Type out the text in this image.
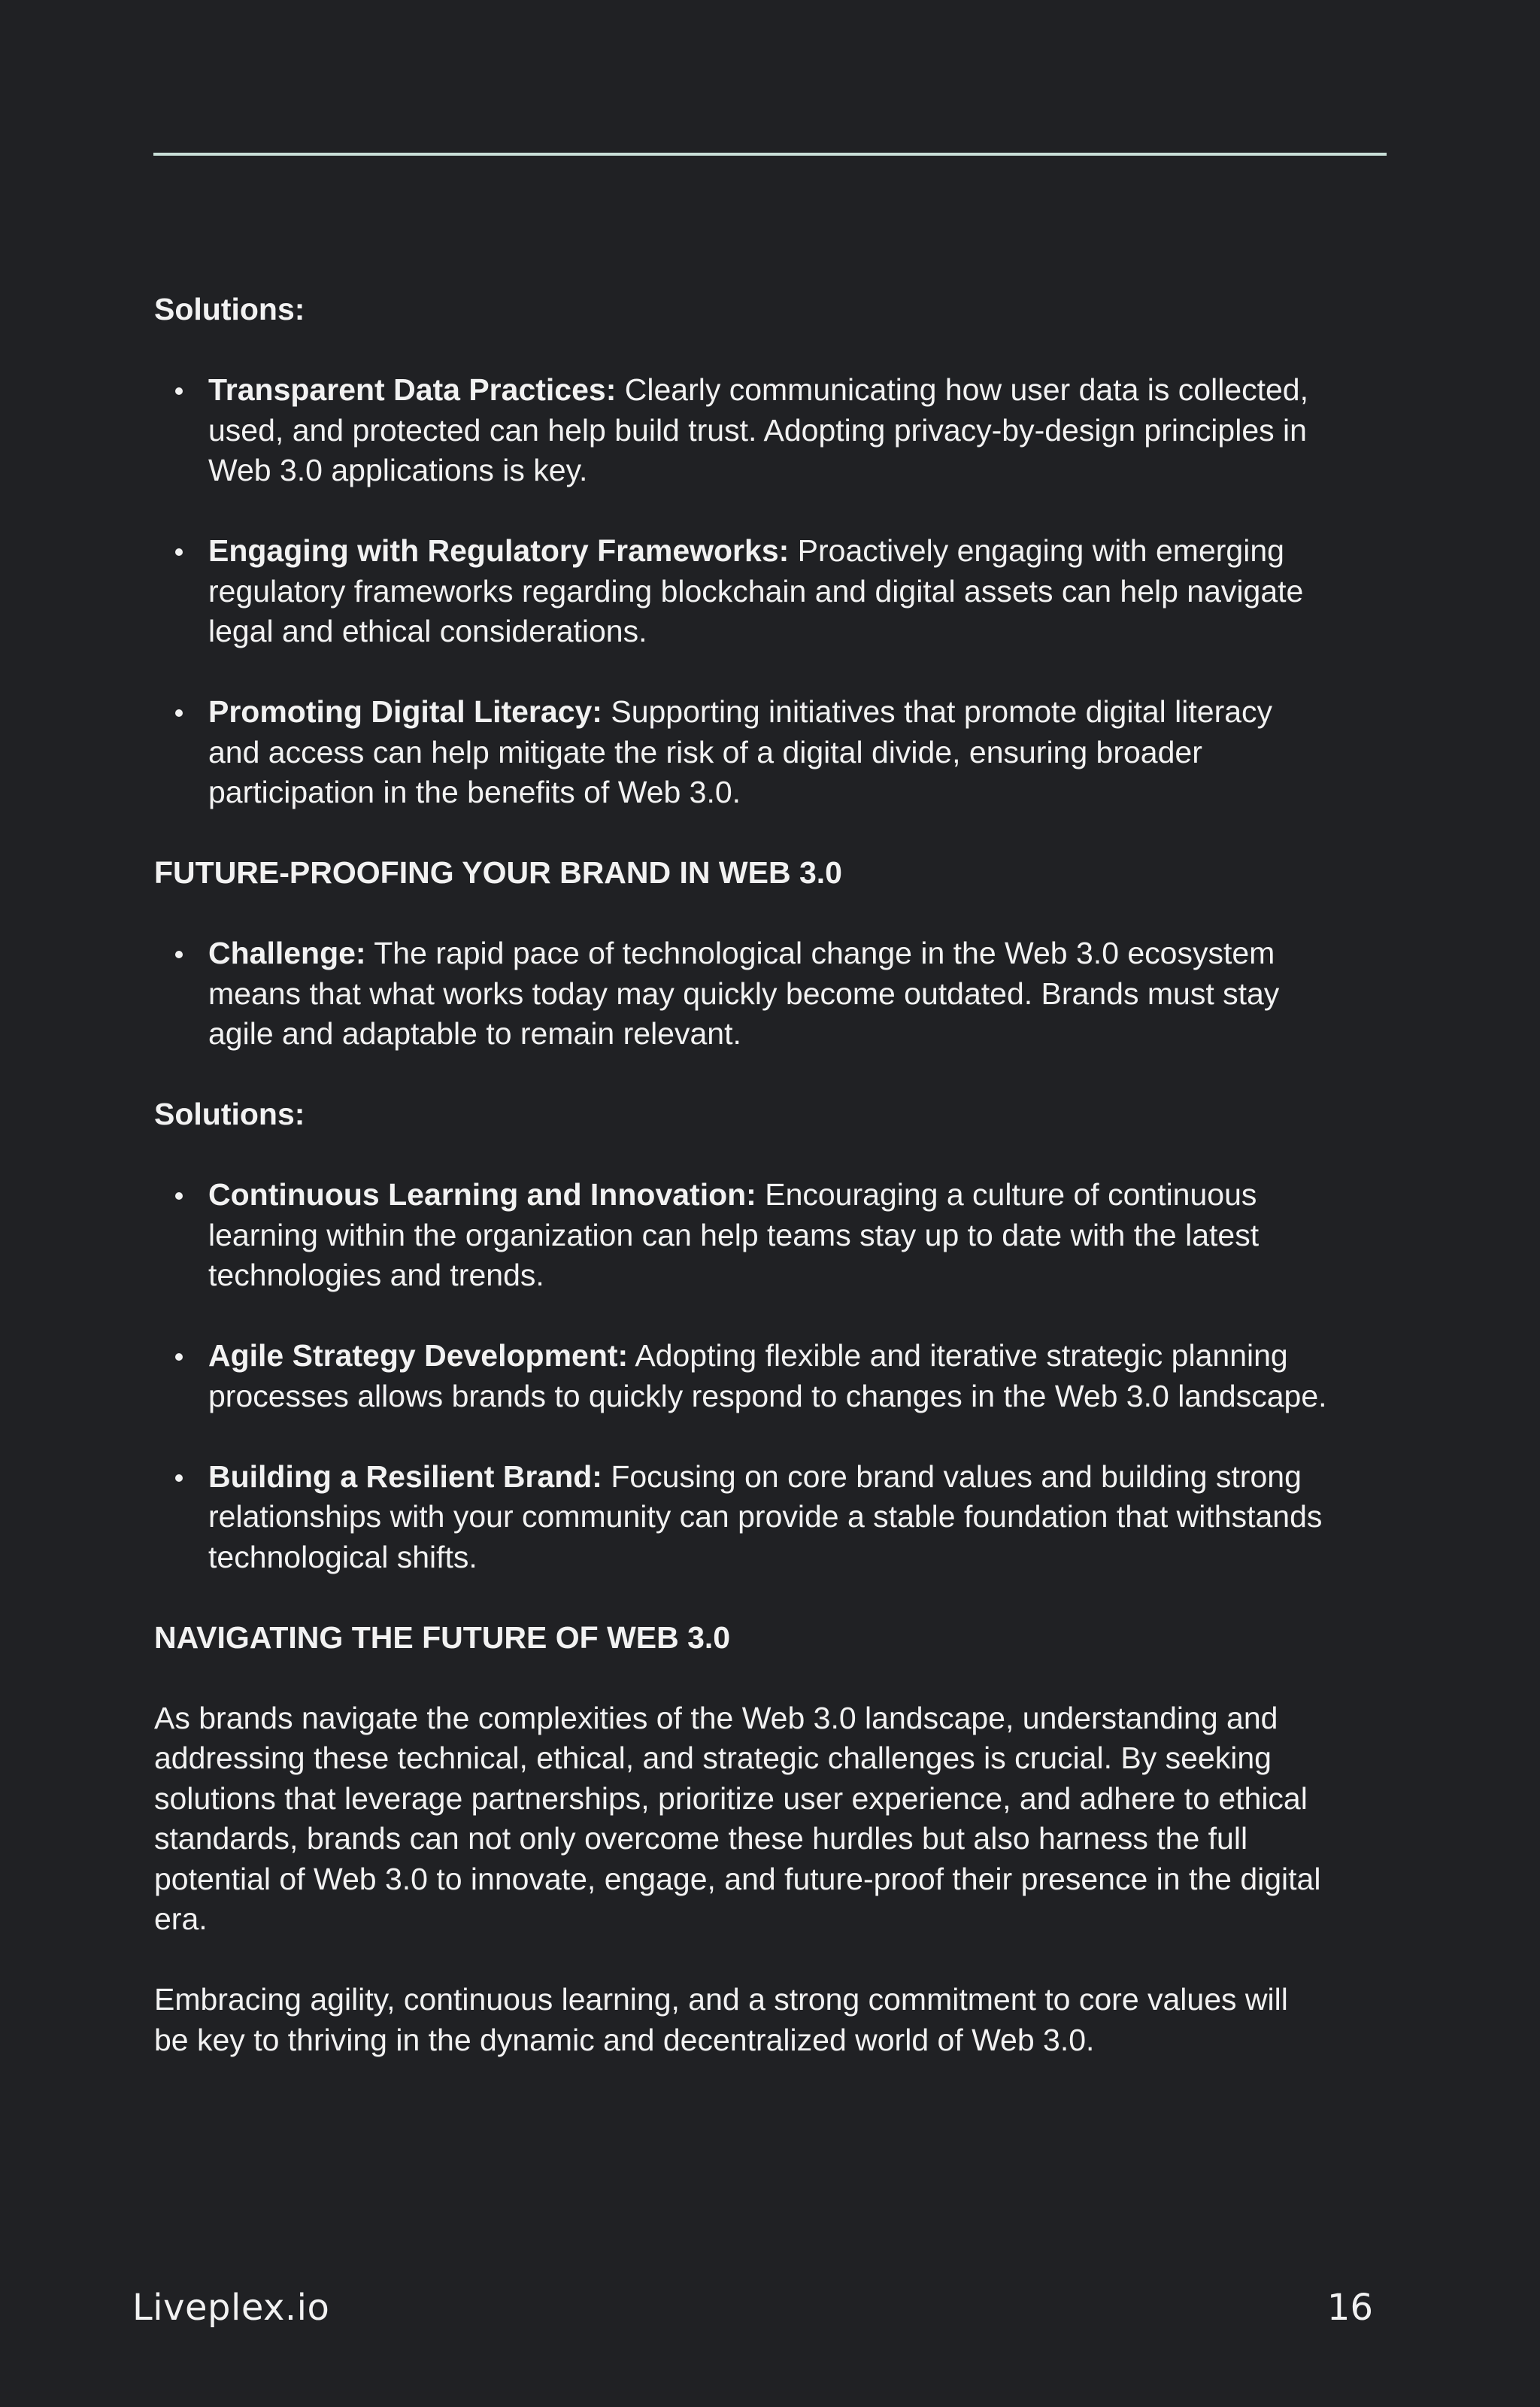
Solutions:

Transparent Data Practices: Clearly communicating how user data is collected, used, and protected can help build trust. Adopting privacy-by-design principles in Web 3.0 applications is key.
Engaging with Regulatory Frameworks: Proactively engaging with emerging regulatory frameworks regarding blockchain and digital assets can help navigate legal and ethical considerations.
Promoting Digital Literacy: Supporting initiatives that promote digital literacy and access can help mitigate the risk of a digital divide, ensuring broader participation in the benefits of Web 3.0.

FUTURE-PROOFING YOUR BRAND IN WEB 3.0

Challenge: The rapid pace of technological change in the Web 3.0 ecosystem means that what works today may quickly become outdated. Brands must stay agile and adaptable to remain relevant.

Solutions:

Continuous Learning and Innovation: Encouraging a culture of continuous learning within the organization can help teams stay up to date with the latest technologies and trends.
Agile Strategy Development: Adopting flexible and iterative strategic planning processes allows brands to quickly respond to changes in the Web 3.0 landscape.
Building a Resilient Brand: Focusing on core brand values and building strong relationships with your community can provide a stable foundation that withstands technological shifts.

NAVIGATING THE FUTURE OF WEB 3.0

As brands navigate the complexities of the Web 3.0 landscape, understanding and addressing these technical, ethical, and strategic challenges is crucial. By seeking solutions that leverage partnerships, prioritize user experience, and adhere to ethical standards, brands can not only overcome these hurdles but also harness the full potential of Web 3.0 to innovate, engage, and future-proof their presence in the digital era.

Embracing agility, continuous learning, and a strong commitment to core values will be key to thriving in the dynamic and decentralized world of Web 3.0.

Liveplex.io	16
